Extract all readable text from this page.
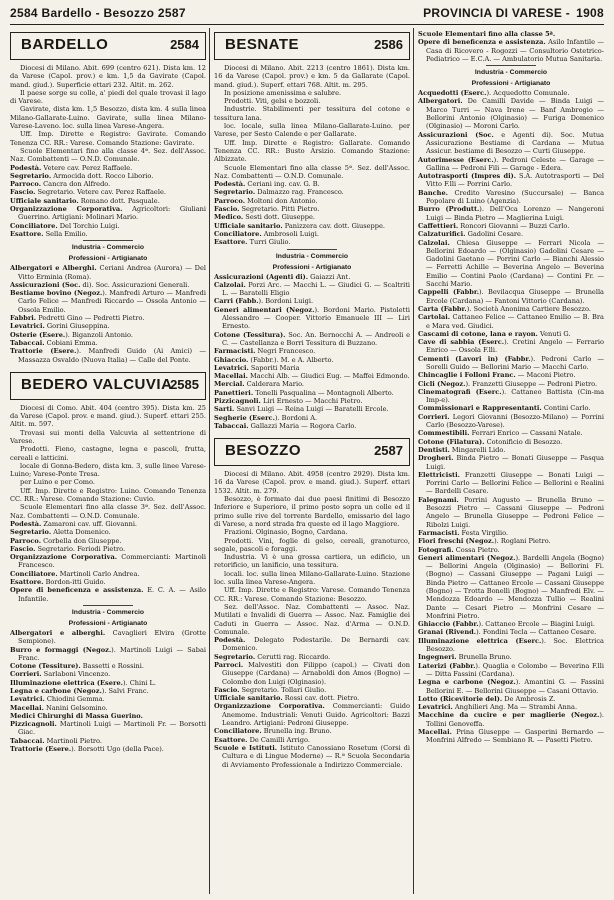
2584 Bardello - Besozzo 2587	PROVINCIA DI VARESE - 1908
BARDELLO	2584

Diocesi di Milano. Abit. 699 (centro 621). Dista km. 12 da Varese (Capol. prov.) e km. 1,5 da Gavirate (Capol. mand. giud.). Superficie ettari 232. Altit. m. 262.

Il paese sorge su colle, a' piedi del quale trovasi il lago di Varese.

Gavirate, dista km. 1,5 Besozzo, dista km. 4 sulla linea Milano-Gallarate-Luino. Gavirate, sulla linea Milano-Varese-Laveno. loc. sulla linea Varese-Angera.

Uff. Imp. Dirette e Registro: Gavirate. Comando Tenenza CC. RR.: Varese. Comando Stazione: Gavirate.

Scuole Elementari fino alla classe 4ª. Sez. dell'Assoc. Naz. Combattenti — O.N.D. Comunale.

Podestà. Vetere cav. Perez Raffaele.

Segretario. Armocida dott. Rocco Liborio.

Parroco. Cancra don Alfredo.

Fascio. Segretario. Vetere cav. Perez Raffaele.

Ufficiale sanitario. Romano dott. Pasquale.

Organizzazione Corporativa. Agricoltori: Giuliani Guerrino. Artigiani: Molinari Mario.

Conciliatore. Del Torchio Luigi.

Esattore. Sella Emilio.

Industria - Commercio
Professioni - Artigianato

Albergatori e Alberghi. Ceriani Andrea (Aurora) — Del Vitto Erminia (Roma).

Assicurazioni (Soc. di). Soc. Assicurazioni Generali.

Bestiame bovino (Negoz.). Manfredi Arturo — Manfredi Carlo Felice — Manfredi Riccardo — Ossola Antonio — Ossola Emilio.

Fabbri. Pedretti Gino — Pedretti Pietro.

Levatrici. Gorini Giuseppina.

Osterie (Esere.). Biganzoli Antonio.

Tabaccai. Cobiani Emma.

Trattorie (Esere.). Manfredi Guido (Ai Amici) — Massazza Osvaldo (Nuova Italia) — Calle del Ponte.

BEDERO VALCUVIA
2585

Diocesi di Como. Abit. 404 (centro 395). Dista km. 25 da Varese (Capol. prov. e mand. giud.). Superf. ettari 255. Altit. m. 597.

Trovasi sui monti della Valcuvia al settentrione di Varese.

Prodotti. Fieno, castagne, legna e pascoli, frutta, cereali e latticini.

locale di Gonna-Bedero, dista km. 3, sulle linee Varese-Luino; Varese-Ponte Tresa.

per Luino e per Como.

Uff. Imp. Dirette e Registro: Luino. Comando Tenenza CC. RR.: Varese. Comando Stazione: Cuvio.

Scuole Elementari fino alla classe 3ª. Sez. dell'Assoc. Naz. Combattenti — O.N.D. Comunale.

Podestà. Zamaroni cav. uff. Giovanni.

Segretario. Aletta Domenico.

Parroco. Corbella don Giuseppe.

Fascio. Segretario. Feriodi Pietro.

Organizzazione Corporativa. Commercianti: Martinoli Francesco.

Conciliatore. Martinoli Carlo Andrea.

Esattore. Bordon-itti Guido.

Opere di beneficenza e assistenza. E. C. A. — Asilo Infantile.

Industria - Commercio
Professioni - Artigianato

Albergatori e alberghi. Cavaglieri Elvira (Grotte Sempione).

Burro e formaggi (Negoz.). Martinoli Luigi — Sabai Franc.

Cotone (Tessiture). Bassetti e Rossini.

Corrieri. Sarlaboni Vincenzo.

Illuminazione elettrica (Esere.). Chini L.

Legna e carbone (Negoz.). Salvi Franc.

Levatrici. Chiodini Gemma.

Macellai. Nanini Gelsomino.

Medici Chirurghi di Massa Guerino.

Pizzicagnoli. Martinoli Luigi — Martinoli Fr. — Borsotti Giac.

Tabaccai. Martinoli Pietro.

Trattorie (Esere.). Borsotti Ugo (della Pace).

BESNATE	2586

Diocesi di Milano. Abit. 2213 (centro 1861). Dista km. 16 da Varese (Capol. prov.) e km. 5 da Gallarate (Capol. mand. giud.). Superf. ettari 768. Altit. m. 295.

In posizione amenissima e salubre.

Prodotti. Viti, gelsi e bozzoli.

Industrie. Stabilimenti per tessitura del cotone e tessitura lana.

loc. locale, sulla linea Milano-Gallarate-Luino. per Varese, per Sesto Calende e per Gallarate.

Uff. Imp. Dirette e Registro: Gallarate. Comando Tenenza CC. RR.: Busto Arsizio. Comando Stazione: Albizzate.

Scuole Elementari fino alla classe 5ª. Sez. dell'Assoc. Naz. Combattenti — O.N.D. Comunale.

Podestà. Ceriani ing. cav. G. B.

Segretario. Dalmazzo rag. Francesco.

Parroco. Moltoni don Antonio.

Fascio. Segretario. Pitti Pietro.

Medico. Sesti dott. Giuseppe.

Ufficiale sanitario. Panizzera cav. dott. Giuseppe.

Conciliatore. Ambrosoli Luigi.

Esattore. Turri Giulio.

Industria - Commercio
Professioni - Artigianato

Assicurazioni (Agenti di). Gaiazzi Ant.

Calzolai. Porzi Arc. — Macchi L. — Giudici G. — Scaltriti L. — Baratelli Eligio

Carri (Fabb.). Bordoni Luigi.

Generi alimentari (Negoz.). Bordoni Mario. Pistoletti Alessandro — Cooper. Vittorio Emanuele III — Liri Ernesto.

Cotone (Tessitura). Soc. An. Bernocchi A. — Andreoli e C. — Castellanza e Borri Tessitura di Buzzano.

Farmacisti. Negri Francesco.

Ghiaccio. (Fabbr.). M. e A. Alberto.

Levatrici. Saporiti Maria

Macellai. Macchi Alb. — Giudici Eug. — Maffei Edmondo.

Mercial. Calderara Mario.

Panettieri. Tonelli Pasqualina — Montagnoli Alberto.

Pizzicagnoli. Liri Ernesto — Macchi Pietro.

Sarti. Sanvi Luigi — Reina Luigi — Baratelli Ercole.

Segherie (Eserc.). Bordoni A.

Tabaccai. Gallazzi Maria — Rogora Carlo.

BESOZZO	2587

Diocesi di Milano. Abit. 4958 (centro 2929). Dista km. 16 da Varese (Capol. prov. e mand. giud.). Superf. ettari 1532. Altit. m. 279.

Besozzo, è formato dai due paesi finitimi di Besozzo Inferiore e Superiore, il primo posto sopra un colle ed il primo sulle rive del torrente Bardello, emissario del lago di Varese, a nord strada fra queste ed il lago Maggiore.

Frazioni. Olginasio, Bogno, Cardana.

Prodotti. Vini, foglie di gelso, cereali, granoturco, segale, pascoli e foraggi.

Industria. Vi è una grossa cartiera, un edificio, un retorificio, un lanificio, una tessitura.

locali. loc. sulla linea Milano-Gallarate-Luino. Stazione loc. sulla linea Varese-Angera.

Uff. Imp. Dirette e Registro: Varese. Comando Tenenza CC. RR.: Varese. Comando Stazione: Besozzo.

Sez. dell'Assoc. Naz. Combattenti — Assoc. Naz. Mutilati e Invalidi di Guerra — Assoc. Naz. Famiglie dei Caduti in Guerra — Assoc. Naz. d'Arma — O.N.D. Comunale.

Podestà. Delegato Podestarile. De Bernardi cav. Domenico.

Segretario. Cerutti rag. Riccardo.

Parroci. Malvestiti don Filippo (capol.) — Civati don Giuseppe (Cardana) — Arnaboldi don Amos (Bogno) — Colombo don Luigi (Olginasio).

Fascio. Segretario. Tollari Giulio.

Ufficiale sanitario. Rossi cav. dott. Pietro.

Organizzazione Corporativa. Commercianti: Guido Anemome. Industriali: Venuti Guido. Agricoltori: Bazzi Leandro. Artigiani: Pedroni Giuseppe.

Conciliatore. Brunella ing. Bruno.

Esattore. De Camilli Arrigo.

Scuole e Istituti. Istituto Canossiano Rosetum (Corsi di Cultura e di Lingue Moderne) — R.ª Scuola Secondaria di Avviamento Professionale a Indirizzo Commerciale.

Scuole Elementari fino alla classe 5ª.

Opere di beneficenza e assistenza. Asilo Infantile — Casa di Ricovero - Rogozzi — Consultorio Ostetrico-Pediatrico — E.C.A. — Ambulatorio Mutua Sanitaria.

Industria - Commercio
Professioni - Artigianato

Acquedotti (Eserc.). Acquedotto Comunale.

Albergatori. De Camilli Davide — Binda Luigi — Marco Turri — Nava Irene — Banf Ambrogio — Bellorini Antonio (Olginasio) — Furiga Domenico (Olginasio) — Moroni Carlo.

Assicurazioni (Soc. e Agenti di). Soc. Mutua Assicurazione Bestiame di Cardana — Mutua Assicur. bestiame di Besozzo — Curti Giuseppe.

Autorimesse (Eserc.). Pedroni Celeste — Garage — Gallina — Pedroni Fili — Garage - Edera.

Autotrasporti (Impres di). S.A. Autotrasporti — Del Vitto F.lli — Porrini Carlo.

Banche. Credito Varesino (Succursale) — Banca Popolare di Luino (Agenzia).

Burro (Produtt.). Dell'Oca Lorenzo — Nangeroni Luigi — Binda Pietro — Maglierina Luigi.

Caffettieri. Roncori Giovanni — Buzzi Carlo.

Calzaturifici. Gadolini Cesare.

Calzolai. Chiesa Giuseppe — Ferrari Nicola — Bellorini Edoardo — (Olginasio) Gadolini Cesare — Gadolini Gaetano — Porrini Carlo — Bianchi Alessio — Ferretti Achille — Beverina Angelo — Beverina Emilio — Contini Paolo (Cardana) — Contini Fr. — Sacchi Mario.

Cappelli (Fabbr.). Bevilacqua Giuseppe — Brunella Ercole (Cardana) — Fantoni Vittorio (Cardana).

Carta (Fabbr.). Società Anonima Cartiere Besozzo.

Cartolai. Cattaneo Felice — Cattaneo Emilio — B. Bra e Mara ved. Giudici.

Cascami di cotone, lana e rayon. Venuti G.

Cave di sabbia (Eserc.). Cretini Angelo — Ferrario Enrico — Ossola F.lli.

Cementi (Lavori in) (Fabbr.). Pedroni Carlo — Sorelli Guido — Bellorini Mario — Macchi Carlo.

Chincaglie i Folloni Franc. — Maconi Pietro.

Cicli (Negoz.). Franzetti Giuseppe — Pedroni Pietro.

Cinematografi (Eserc.). Cattaneo Battista (Cin-ma Imp-e).

Commissionari e Rappresentanti. Contini Carlo.

Corrieri. Legori Giovanni (Besozzo-Milano) — Porrini Carlo (Besozzo-Varese).

Commestibili. Ferrari Enrico — Cassani Natale.

Cotone (Filatura). Cotonificio di Besozzo.

Dentisti. Mingarelli Lido.

Drogheri. Binda Pietro — Bonati Giuseppe — Pasqua Luigi.

Elettricisti. Franzetti Giuseppe — Bonati Luigi — Porrini Carlo — Bellorini Felice — Bellorini e Realini — Bardelli Cesare.

Falegnami. Porrini Augusto — Brunella Bruno — Besozzi Pietro — Cassani Giuseppe — Pedroni Angelo — Brunella Giuseppe — Pedroni Felice — Ribolzi Luigi.

Farmacisti. Festa Virgilio.

Fiori freschi (Negoz.). Roglani Pietro.

Fotografi. Cossa Pietro.

Generi alimentari (Negoz.). Bardelli Angela (Bogno) — Bellorini Angela (Olginasio) — Bellorini Fi. (Bogno) — Cassani Giuseppe — Pagani Luigi — Binda Pietro — Cattaneo Ercole — Cassani Giuseppe (Bogno) — Trotta Bonelli (Bogno) — Manfredi Elv. — Mendozza Edoardo — Mendozza Tullio — Realini Dante — Cesari Pietro — Monfrini Cesare — Monfrini Pietro.

Ghiaccio (Fabbr.). Cattaneo Ercole — Biagini Luigi.

Granai (Rivend.). Fondini Tecla — Cattaneo Cesare.

Illuminazione elettrica (Eserc.). Soc. Elettrica Besozzo.

Ingegneri. Brunella Bruno.

Laterizi (Fabbr.). Quaglia e Colombo — Beverina F.lli — Ditta Fassini (Cardana).

Legna e carbone (Negoz.). Amantini G. — Fassini Bellorini E. — Bellorini Giuseppe — Casani Ottavio.

Lotto (Ricevitorie del). De Ambrosis Z.

Levatrici. Anghilieri Ang. Ma — Strambi Anna.

Macchine da cucire e per maglierie (Negoz.). Tollini Genoveffa.

Macellai. Prina Giuseppe — Gasperini Bernardo — Monfrini Alfredo — Sembiano R. — Pasetti Pietro.
